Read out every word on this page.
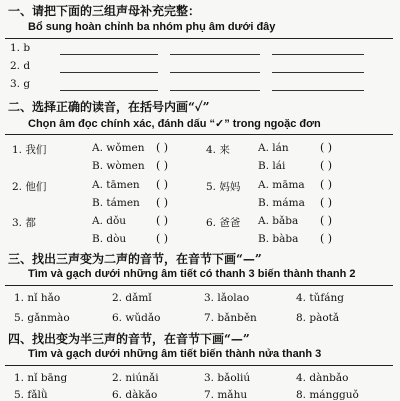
一、请把下面的三组声母补充完整：
Bổ sung hoàn chỉnh ba nhóm phụ âm dưới đây
1. b
2. d
3. g
二、选择正确的读音，在括号内画“✓”
Chọn âm đọc chính xác, đánh dấu “✓” trong ngoặc đơn
1. 我们	A. wǒmen ( )
B. wòmen ( )
2. 他们	A. tāmen ( )
B. támen ( )
3. 都	A. dǒu	( )
B. dòu	( )
4. 来	A. lán	( )
B. lái	( )
5. 妈妈 A. māma ( )
B. máma ( )
6. 爸爸 A. bǎba ( )
B. bàba ( )
三、找出三声变为二声的音节，在音节下画“—”
Tìm và gạch dưới những âm tiết có thanh 3 biến thành thanh 2
1. nǐ hǎo	2. dǎmǐ	3. lǎolao	4. tǔfáng
5. gǎnmào	6. wǔdǎo	7. bǎnběn	8. pàotǎ
四、找出变为半三声的音节，在音节下画“—”
Tìm và gạch dưới những âm tiết biến thành nửa thanh 3
1. nǐ bāng	2. niúnǎi	3. bǎoliú	4. dànbǎo
5. fǎlǜ	6. dàkǎo	7. mǎhu	8. mángguǒ
